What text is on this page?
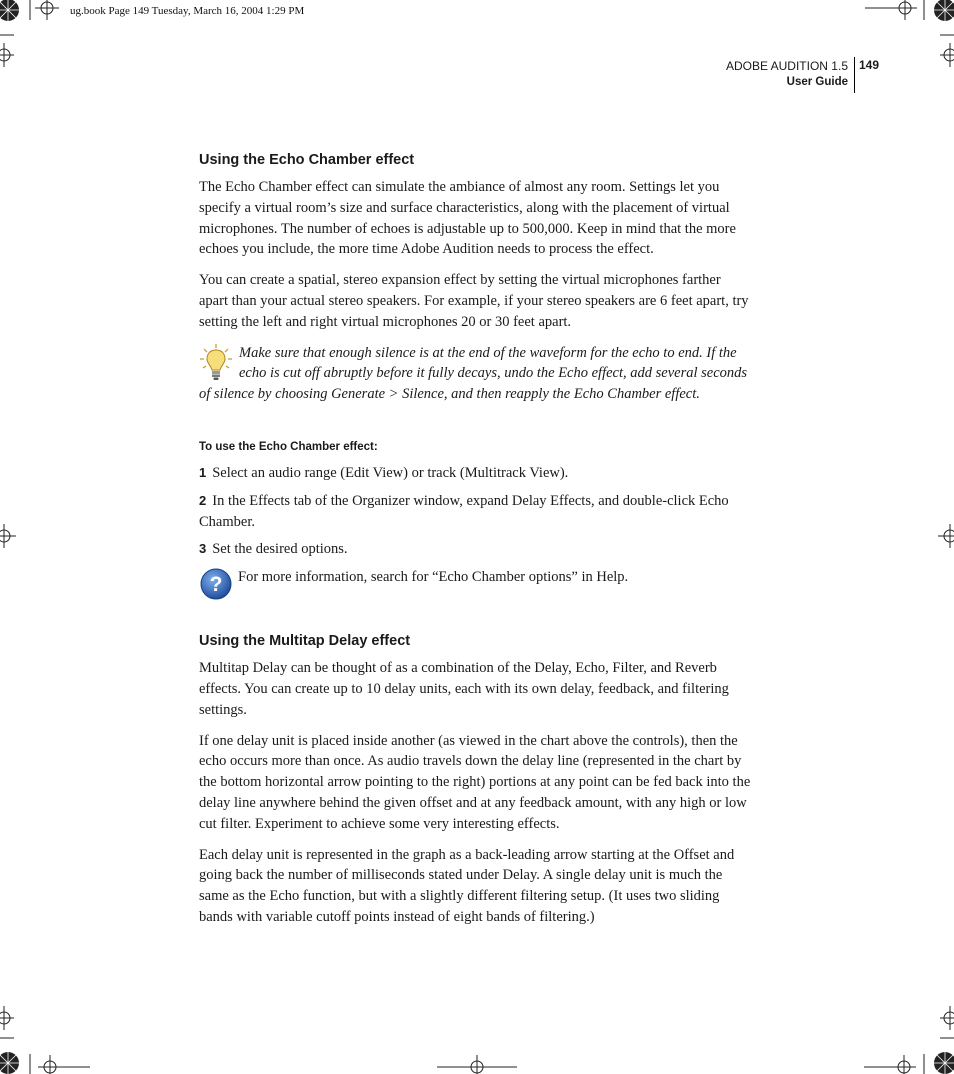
ug.book Page 149 Tuesday, March 16, 2004 1:29 PM
ADOBE AUDITION 1.5
User Guide
149
Using the Echo Chamber effect

The Echo Chamber effect can simulate the ambiance of almost any room. Settings let you specify a virtual room’s size and surface characteristics, along with the placement of virtual microphones. The number of echoes is adjustable up to 500,000. Keep in mind that the more echoes you include, the more time Adobe Audition needs to process the effect.

You can create a spatial, stereo expansion effect by setting the virtual microphones farther apart than your actual stereo speakers. For example, if your stereo speakers are 6 feet apart, try setting the left and right virtual microphones 20 or 30 feet apart.

Make sure that enough silence is at the end of the waveform for the echo to end. If the echo is cut off abruptly before it fully decays, undo the Echo effect, add several seconds of silence by choosing Generate > Silence, and then reapply the Echo Chamber effect.

To use the Echo Chamber effect:

1 Select an audio range (Edit View) or track (Multitrack View).

2 In the Effects tab of the Organizer window, expand Delay Effects, and double-click Echo Chamber.

3 Set the desired options.

?	For more information, search for “Echo Chamber options” in Help.

Using the Multitap Delay effect

Multitap Delay can be thought of as a combination of the Delay, Echo, Filter, and Reverb effects. You can create up to 10 delay units, each with its own delay, feedback, and filtering settings.

If one delay unit is placed inside another (as viewed in the chart above the controls), then the echo occurs more than once. As audio travels down the delay line (represented in the chart by the bottom horizontal arrow pointing to the right) portions at any point can be fed back into the delay line anywhere behind the given offset and at any feedback amount, with any high or low cut filter. Experiment to achieve some very interesting effects.

Each delay unit is represented in the graph as a back-leading arrow starting at the Offset and going back the number of milliseconds stated under Delay. A single delay unit is much the same as the Echo function, but with a slightly different filtering setup. (It uses two sliding bands with variable cutoff points instead of eight bands of filtering.)
